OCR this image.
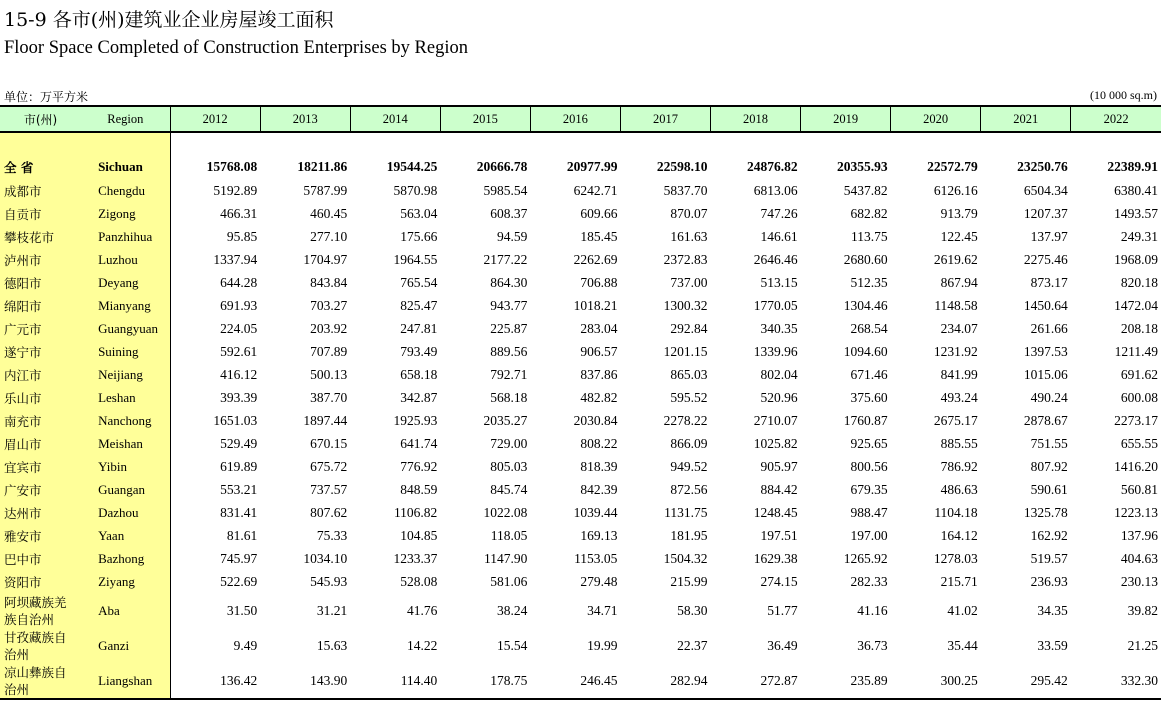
15-9 各市(州)建筑业企业房屋竣工面积
Floor Space Completed of Construction Enterprises by Region
单位：万平方米	(10 000 sq.m)
市(州)	Region	2012	2013	2014	2015	2016	2017	2018	2019	2020	2021	2022

全 省	Sichuan	15768.08	18211.86	19544.25	20666.78	20977.99	22598.10	24876.82	20355.93	22572.79	23250.76	22389.91
成都市	Chengdu	5192.89	5787.99	5870.98	5985.54	6242.71	5837.70	6813.06	5437.82	6126.16	6504.34	6380.41
自贡市	Zigong	466.31	460.45	563.04	608.37	609.66	870.07	747.26	682.82	913.79	1207.37	1493.57
攀枝花市	Panzhihua	95.85	277.10	175.66	94.59	185.45	161.63	146.61	113.75	122.45	137.97	249.31
泸州市	Luzhou	1337.94	1704.97	1964.55	2177.22	2262.69	2372.83	2646.46	2680.60	2619.62	2275.46	1968.09
德阳市	Deyang	644.28	843.84	765.54	864.30	706.88	737.00	513.15	512.35	867.94	873.17	820.18
绵阳市	Mianyang	691.93	703.27	825.47	943.77	1018.21	1300.32	1770.05	1304.46	1148.58	1450.64	1472.04
广元市	Guangyuan	224.05	203.92	247.81	225.87	283.04	292.84	340.35	268.54	234.07	261.66	208.18
遂宁市	Suining	592.61	707.89	793.49	889.56	906.57	1201.15	1339.96	1094.60	1231.92	1397.53	1211.49
内江市	Neijiang	416.12	500.13	658.18	792.71	837.86	865.03	802.04	671.46	841.99	1015.06	691.62
乐山市	Leshan	393.39	387.70	342.87	568.18	482.82	595.52	520.96	375.60	493.24	490.24	600.08
南充市	Nanchong	1651.03	1897.44	1925.93	2035.27	2030.84	2278.22	2710.07	1760.87	2675.17	2878.67	2273.17
眉山市	Meishan	529.49	670.15	641.74	729.00	808.22	866.09	1025.82	925.65	885.55	751.55	655.55
宜宾市	Yibin	619.89	675.72	776.92	805.03	818.39	949.52	905.97	800.56	786.92	807.92	1416.20
广安市	Guangan	553.21	737.57	848.59	845.74	842.39	872.56	884.42	679.35	486.63	590.61	560.81
达州市	Dazhou	831.41	807.62	1106.82	1022.08	1039.44	1131.75	1248.45	988.47	1104.18	1325.78	1223.13
雅安市	Yaan	81.61	75.33	104.85	118.05	169.13	181.95	197.51	197.00	164.12	162.92	137.96
巴中市	Bazhong	745.97	1034.10	1233.37	1147.90	1153.05	1504.32	1629.38	1265.92	1278.03	519.57	404.63
资阳市	Ziyang	522.69	545.93	528.08	581.06	279.48	215.99	274.15	282.33	215.71	236.93	230.13
阿坝藏族羌族自治州	Aba	31.50	31.21	41.76	38.24	34.71	58.30	51.77	41.16	41.02	34.35	39.82
甘孜藏族自治州	Ganzi	9.49	15.63	14.22	15.54	19.99	22.37	36.49	36.73	35.44	33.59	21.25
凉山彝族自治州	Liangshan	136.42	143.90	114.40	178.75	246.45	282.94	272.87	235.89	300.25	295.42	332.30
